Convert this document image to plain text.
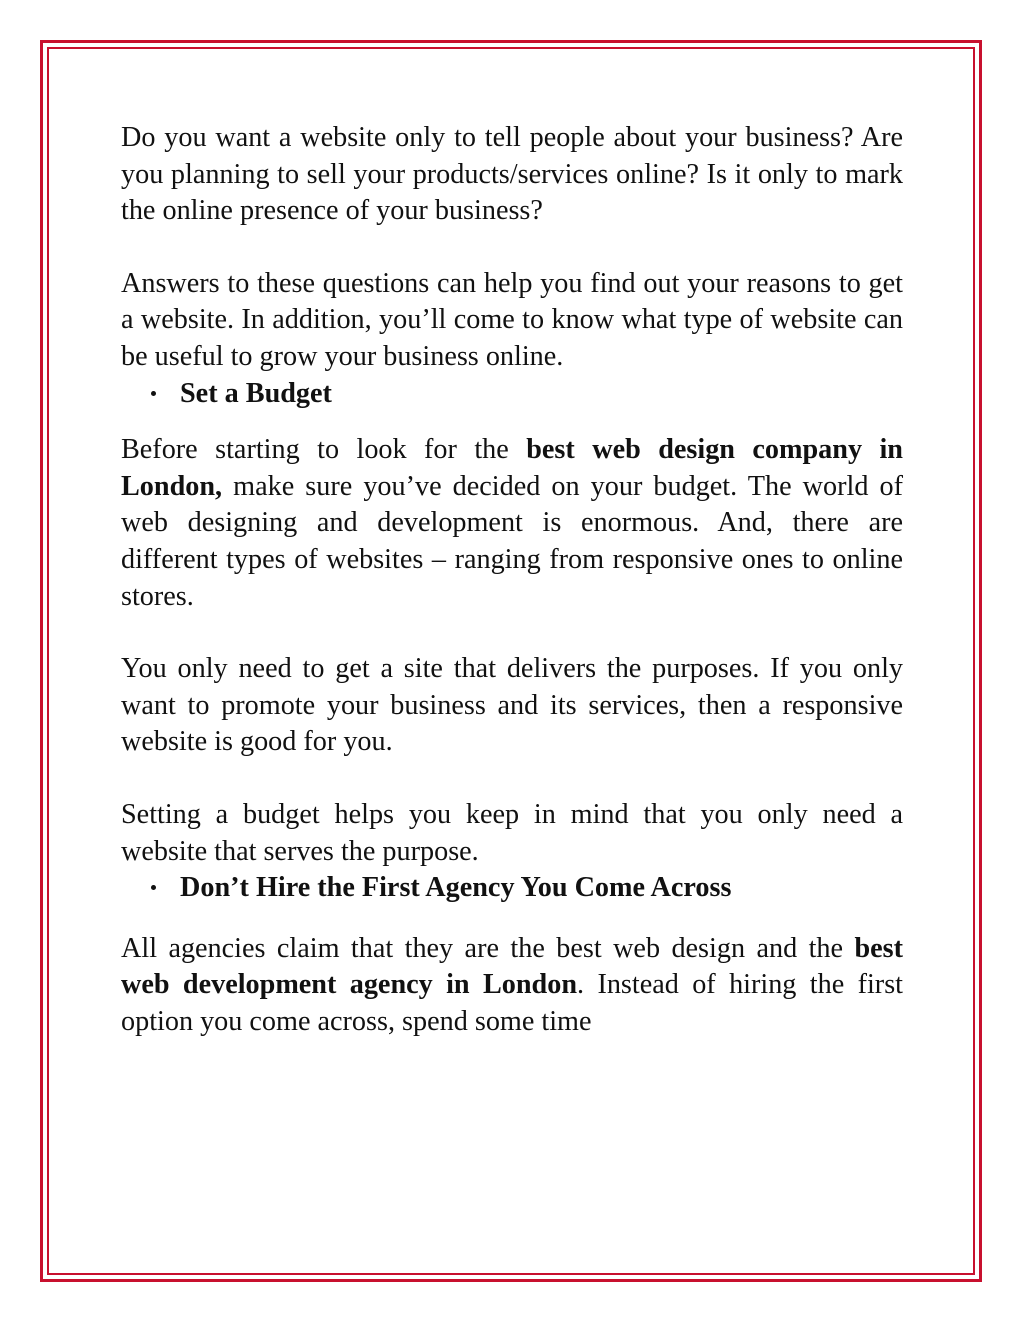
Do you want a website only to tell people about your business? Are you planning to sell your products/services online? Is it only to mark the online presence of your business?

Answers to these questions can help you find out your reasons to get a website. In addition, you’ll come to know what type of website can be useful to grow your business online.

Set a Budget

Before starting to look for the best web design company in London, make sure you’ve decided on your budget. The world of web designing and development is enormous. And, there are different types of websites – ranging from responsive ones to online stores.

You only need to get a site that delivers the purposes. If you only want to promote your business and its services, then a responsive website is good for you.

Setting a budget helps you keep in mind that you only need a website that serves the purpose.

Don’t Hire the First Agency You Come Across

All agencies claim that they are the best web design and the best web development agency in London. Instead of hiring the first option you come across, spend some time
